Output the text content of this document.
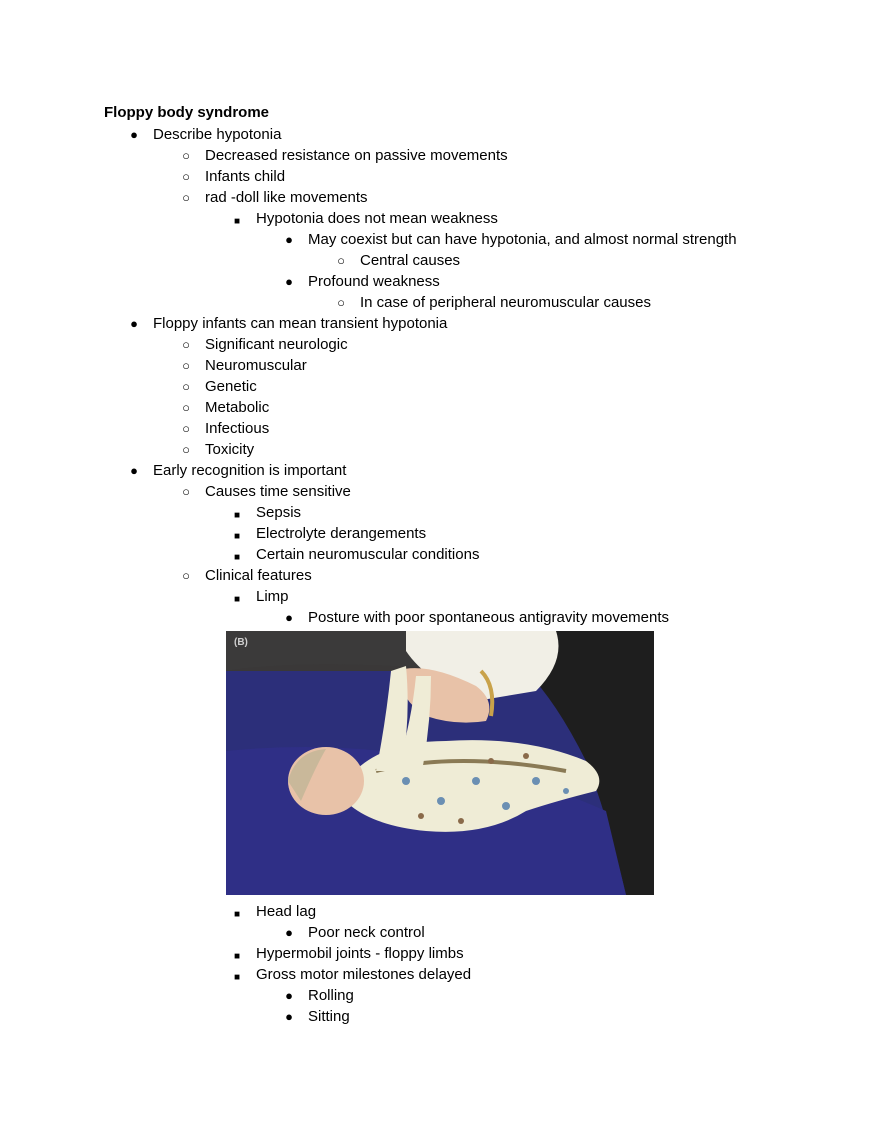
Floppy body syndrome
● Describe hypotonia
○ Decreased resistance on passive movements
○ Infants child
○ rad -doll like movements
■ Hypotonia does not mean weakness
● May coexist but can have hypotonia, and almost normal strength
○ Central causes
● Profound weakness
○ In case of peripheral neuromuscular causes
● Floppy infants can mean transient hypotonia
○ Significant neurologic
○ Neuromuscular
○ Genetic
○ Metabolic
○ Infectious
○ Toxicity
● Early recognition is important
○ Causes time sensitive
■ Sepsis
■ Electrolyte derangements
■ Certain neuromuscular conditions
○ Clinical features
■ Limp
● Posture with poor spontaneous antigravity movements
(B)
■ Head lag
● Poor neck control
■ Hypermobil joints - floppy limbs
■ Gross motor milestones delayed
● Rolling
● Sitting
